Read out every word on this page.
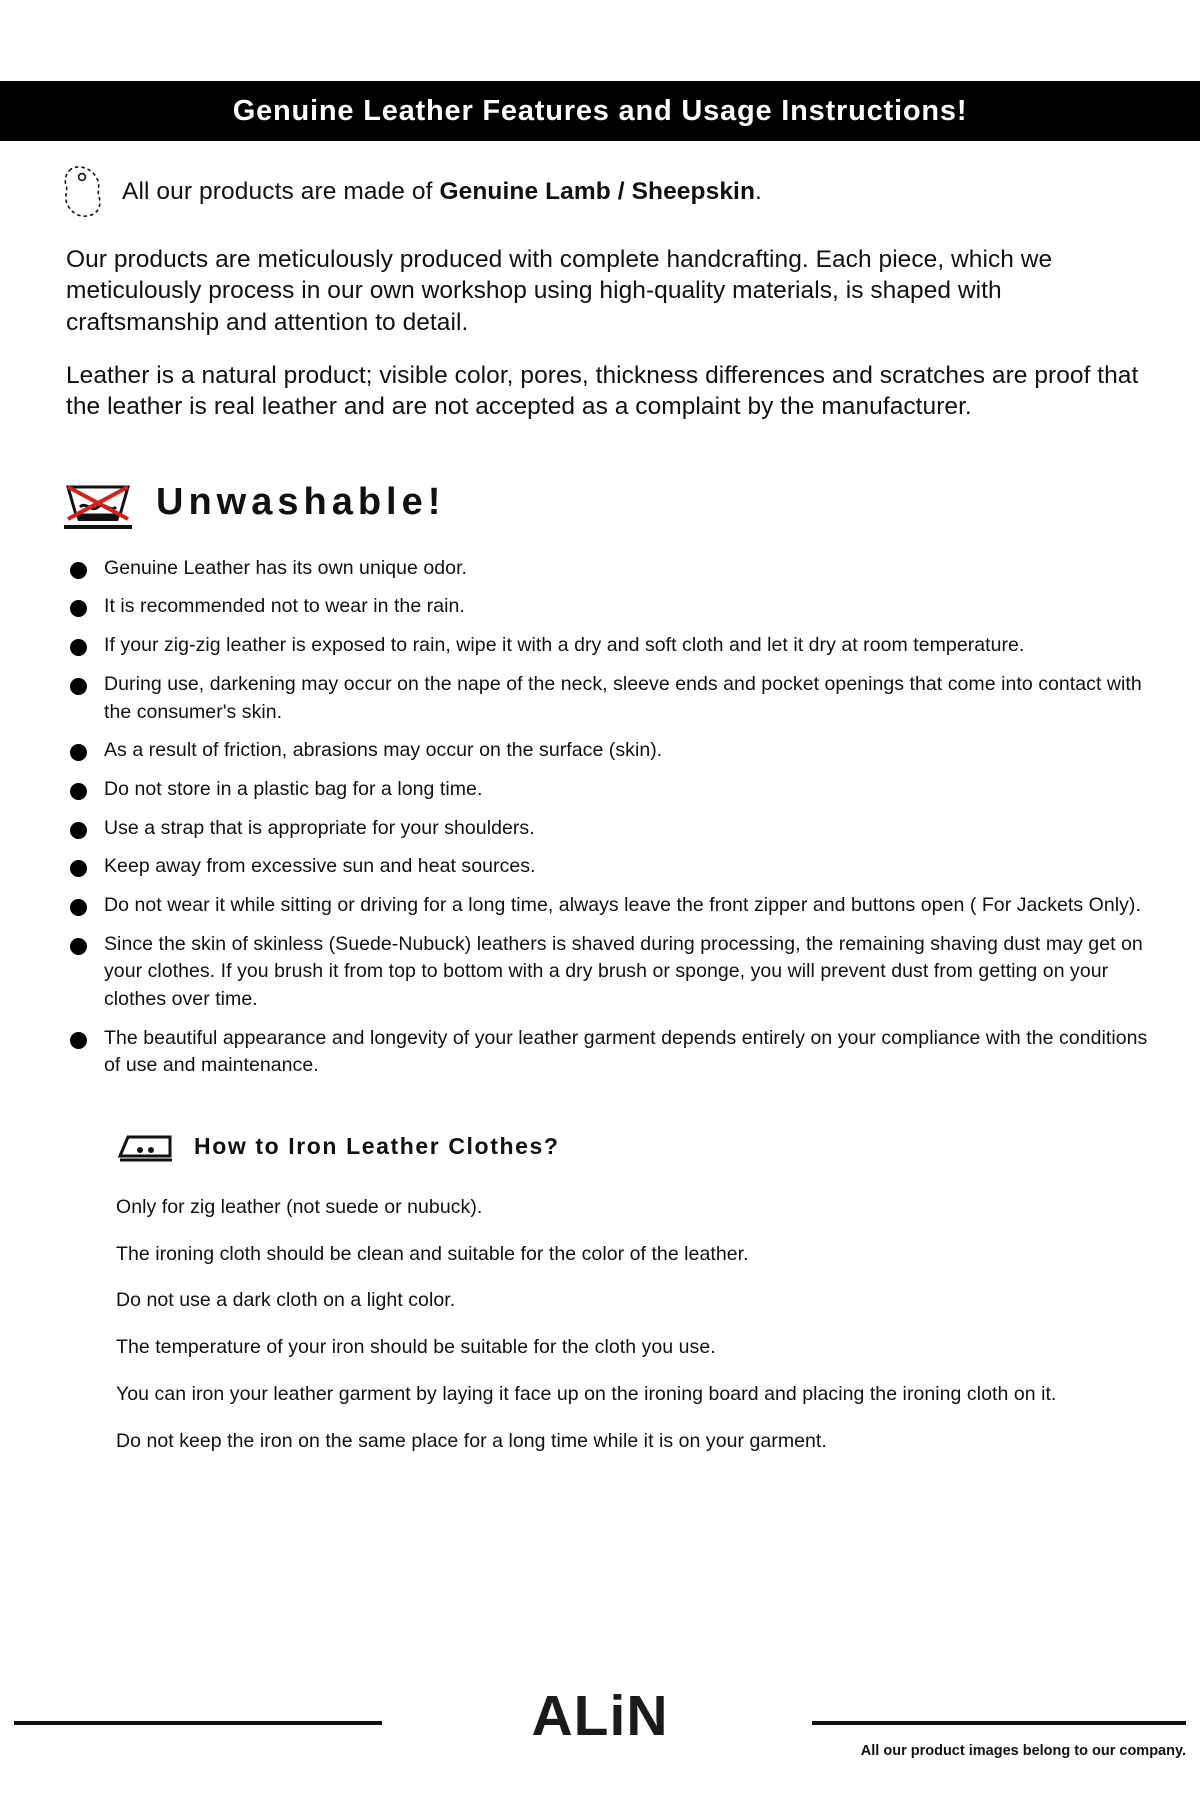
Genuine Leather Features and Usage Instructions!
All our products are made of Genuine Lamb / Sheepskin.
Our products are meticulously produced with complete handcrafting. Each piece, which we meticulously process in our own workshop using high-quality materials, is shaped with craftsmanship and attention to detail.
Leather is a natural product; visible color, pores, thickness differences and scratches are proof that the leather is real leather and are not accepted as a complaint by the manufacturer.
Unwashable!
Genuine Leather has its own unique odor.
It is recommended not to wear in the rain.
If your zig-zig leather is exposed to rain, wipe it with a dry and soft cloth and let it dry at room temperature.
During use, darkening may occur on the nape of the neck, sleeve ends and pocket openings that come into contact with the consumer's skin.
As a result of friction, abrasions may occur on the surface (skin).
Do not store in a plastic bag for a long time.
Use a strap that is appropriate for your shoulders.
Keep away from excessive sun and heat sources.
Do not wear it while sitting or driving for a long time, always leave the front zipper and buttons open ( For Jackets Only).
Since the skin of skinless (Suede-Nubuck) leathers is shaved during processing, the remaining shaving dust may get on your clothes. If you brush it from top to bottom with a dry brush or sponge, you will prevent dust from getting on your clothes over time.
The beautiful appearance and longevity of your leather garment depends entirely on your compliance with the conditions of use and maintenance.
How to Iron Leather Clothes?
Only for zig leather (not suede or nubuck).
The ironing cloth should be clean and suitable for the color of the leather.
Do not use a dark cloth on a light color.
The temperature of your iron should be suitable for the cloth you use.
You can iron your leather garment by laying it face up on the ironing board and placing the ironing cloth on it.
Do not keep the iron on the same place for a long time while it is on your garment.
ALiN
All our product images belong to our company.
